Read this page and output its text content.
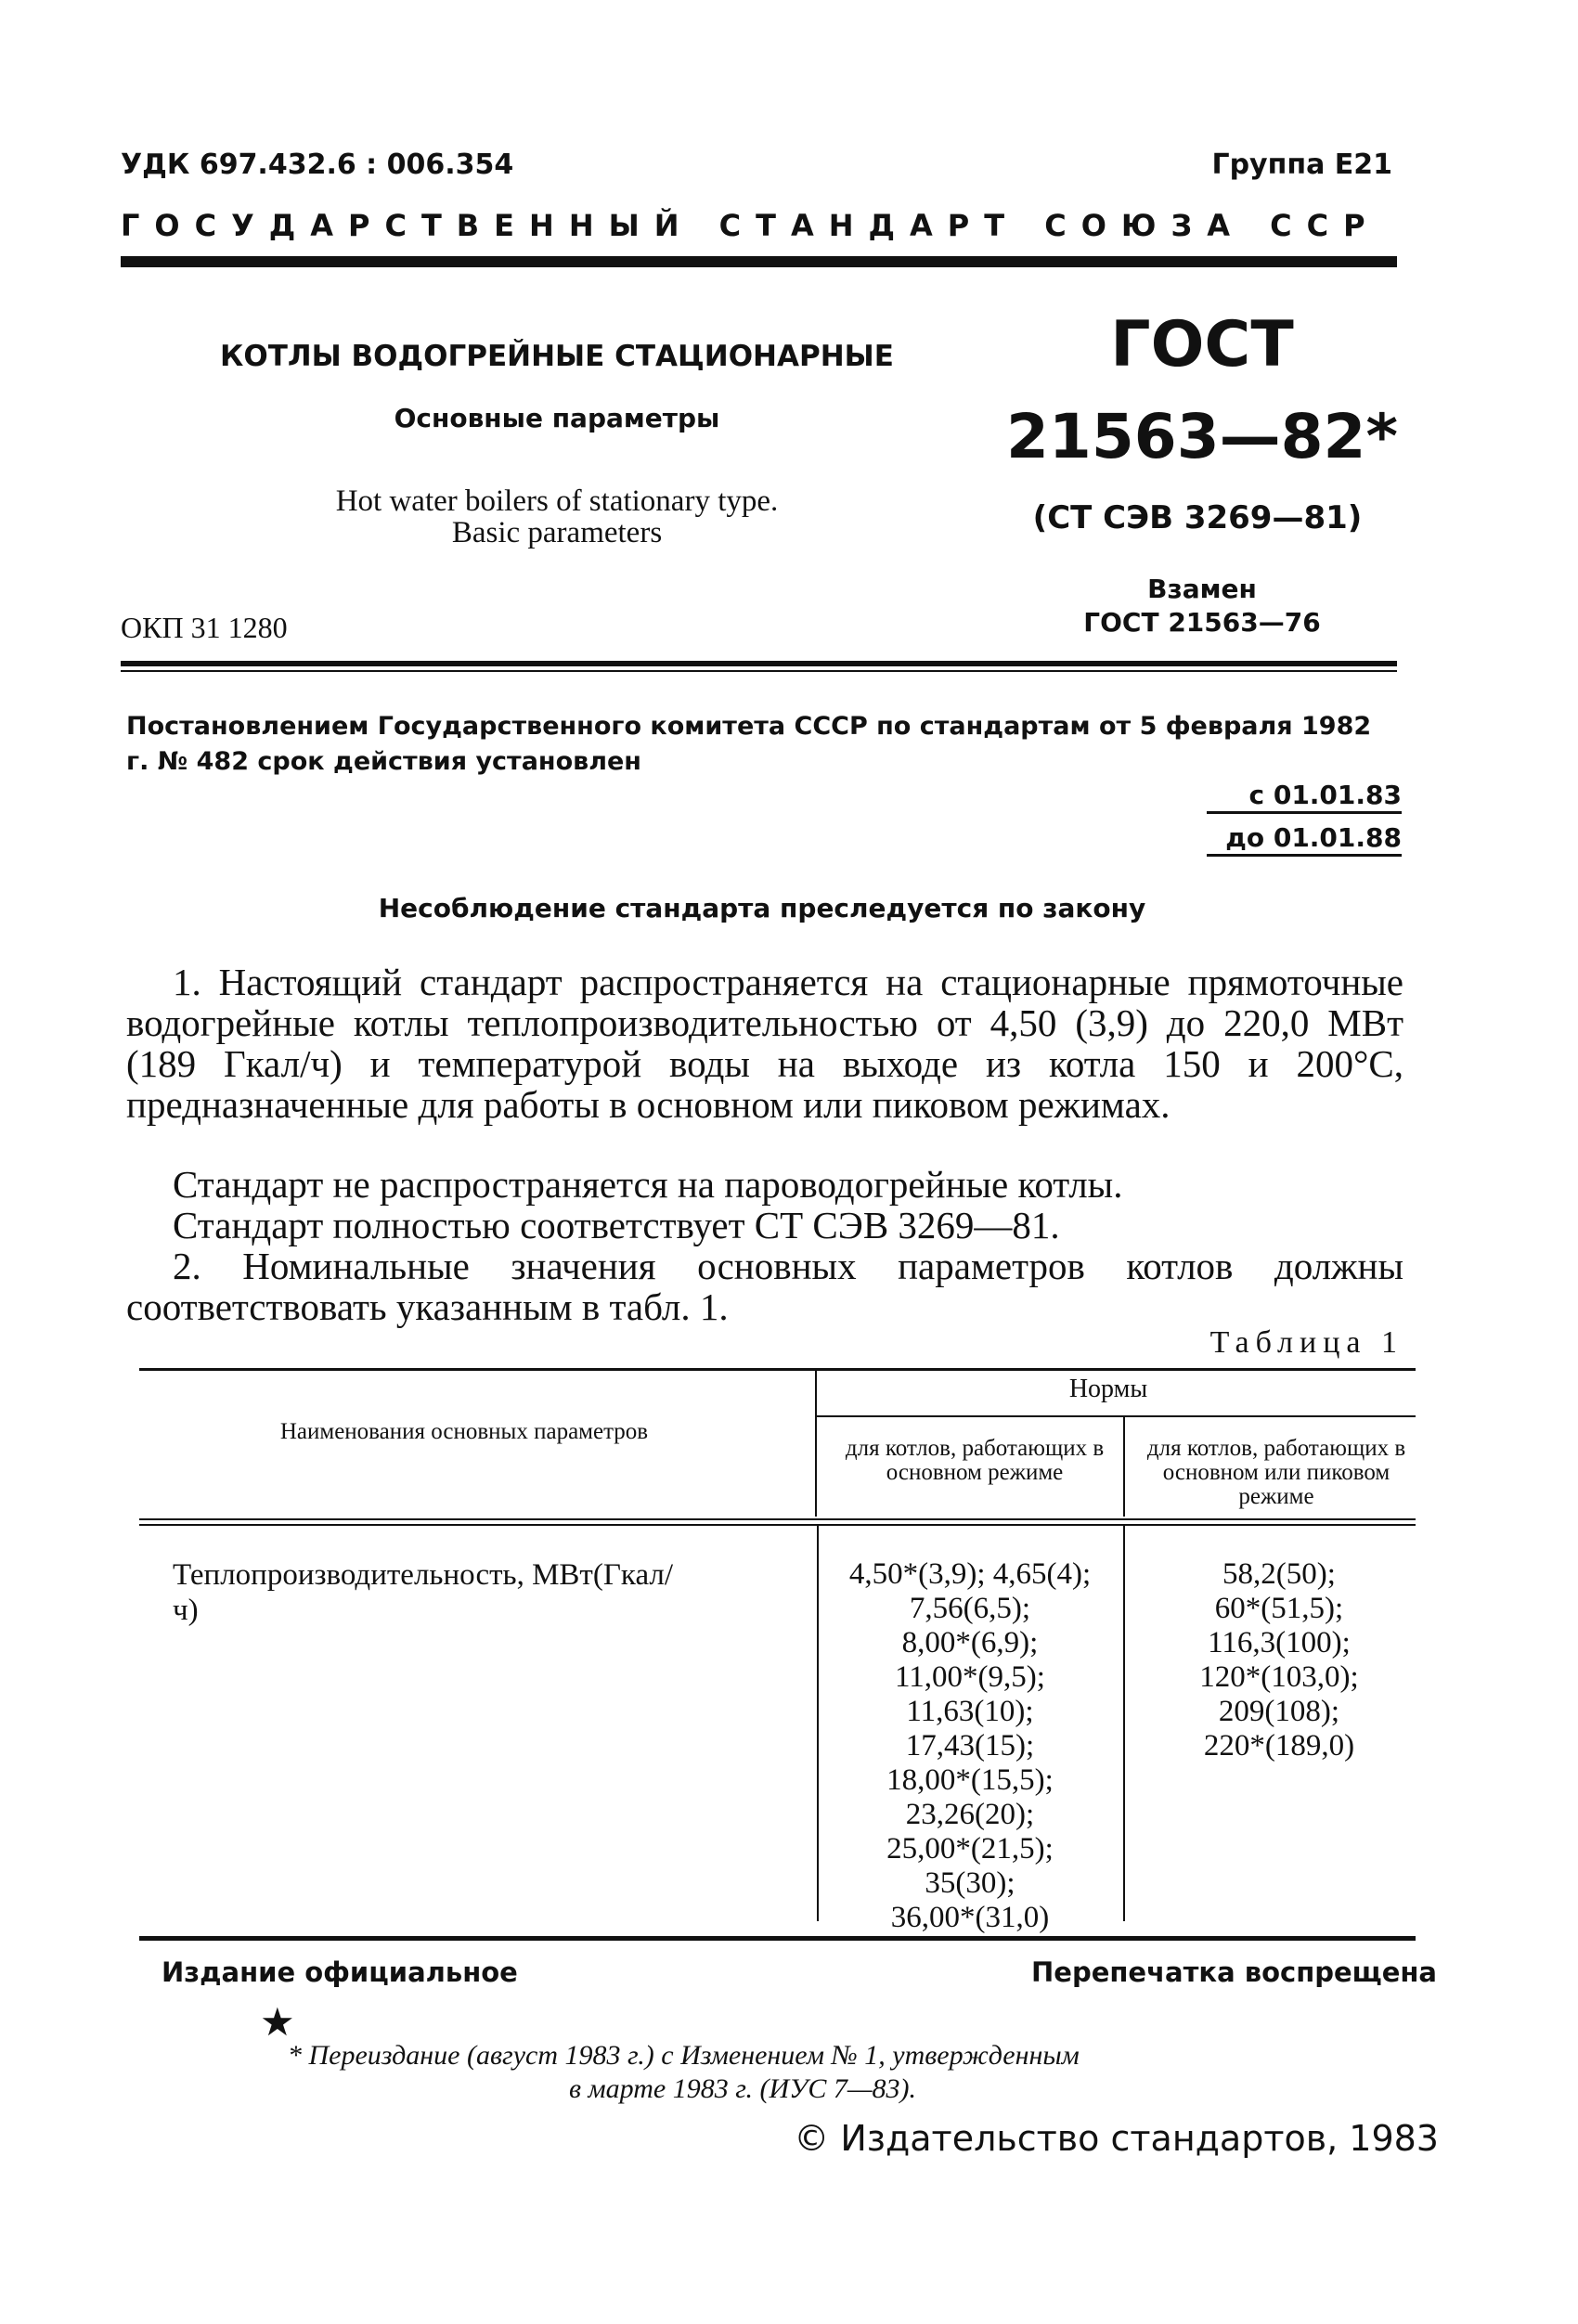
УДК 697.432.6 : 006.354	Группа Е21
ГОСУДАРСТВЕННЫЙ СТАНДАРТ СОЮЗА ССР
КОТЛЫ ВОДОГРЕЙНЫЕ СТАЦИОНАРНЫЕ
Основные параметры
Hot water boilers of stationary type.
Basic parameters
ОКП 31 1280
ГОСТ
21563—82*
(СТ СЭВ 3269—81)
Взамен
ГОСТ 21563—76
Постановлением Государственного комитета СССР по стандартам от 5 февраля 1982 г. № 482 срок действия установлен
с 01.01.83
до 01.01.88
Несоблюдение стандарта преследуется по закону
1. Настоящий стандарт распространяется на стационарные прямоточные водогрейные котлы теплопроизводительностью от 4,50 (3,9) до 220,0 МВт (189 Гкал/ч) и температурой воды на выходе из котла 150 и 200°С, предназначенные для работы в основном или пиковом режимах.
Стандарт не распространяется на пароводогрейные котлы.
Стандарт полностью соответствует СТ СЭВ 3269—81.
2. Номинальные значения основных параметров котлов должны соответствовать указанным в табл. 1.
Таблица 1
Наименования основных параметров
Нормы
для котлов, работающих в основном режиме
для котлов, работающих в основном или пиковом режиме
Теплопроизводительность, МВт(Гкал/ч)
4,50*(3,9); 4,65(4);
7,56(6,5);
8,00*(6,9);
11,00*(9,5);
11,63(10);
17,43(15);
18,00*(15,5);
23,26(20);
25,00*(21,5);
35(30);
36,00*(31,0)
58,2(50);
60*(51,5);
116,3(100);
120*(103,0);
209(108);
220*(189,0)
Издание официальное	Перепечатка воспрещена
★
* Переиздание (август 1983 г.) с Изменением № 1, утвержденным
в марте 1983 г. (ИУС 7—83).
© Издательство стандартов, 1983
